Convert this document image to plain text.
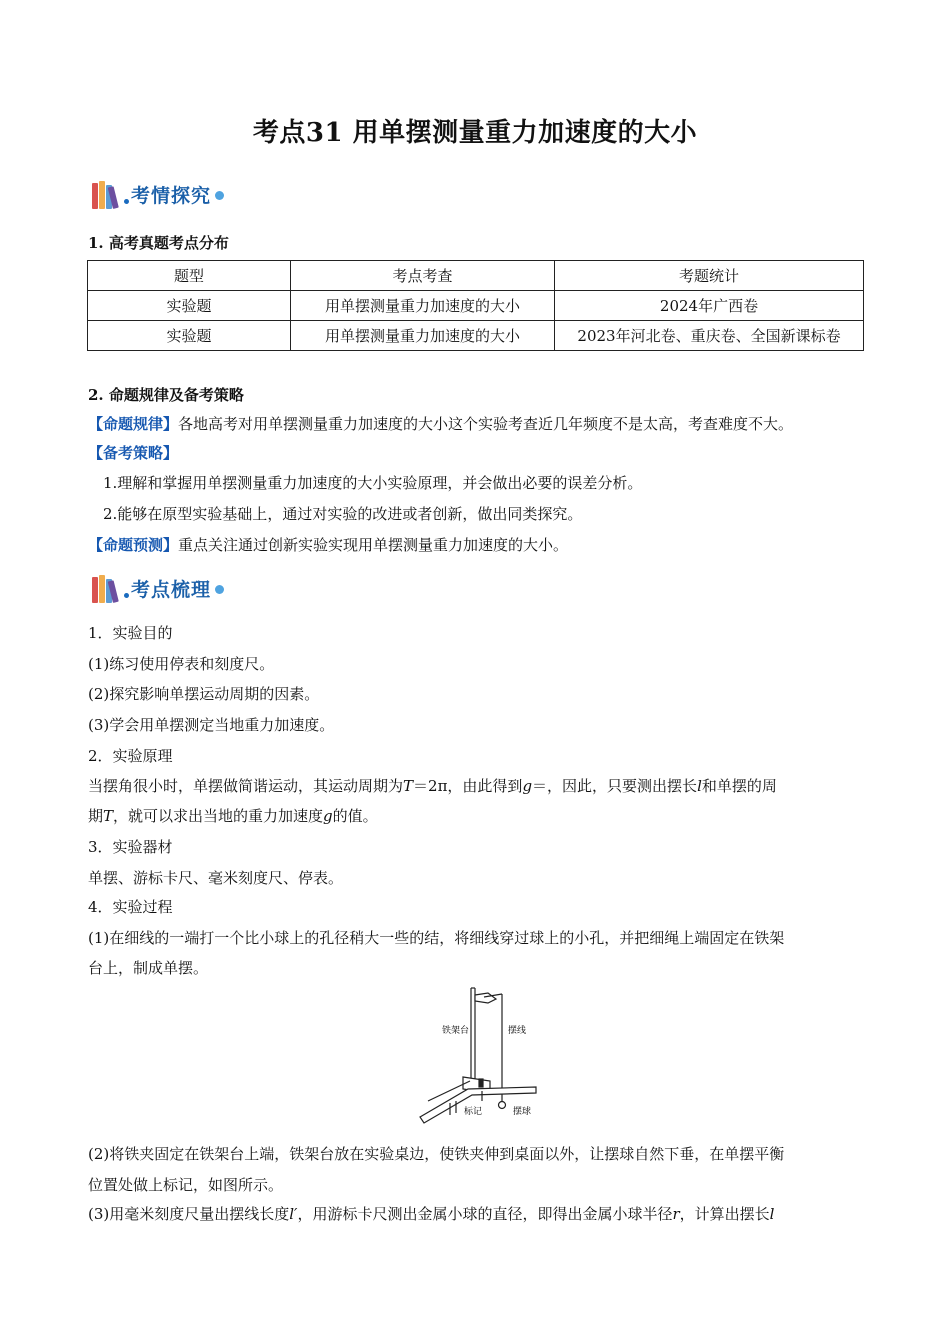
考点31 用单摆测量重力加速度的大小
考情探究
1. 高考真题考点分布
题型	考点考查	考题统计
实验题	用单摆测量重力加速度的大小	2024年广西卷
实验题	用单摆测量重力加速度的大小	2023年河北卷、重庆卷、全国新课标卷
2. 命题规律及备考策略
【命题规律】各地高考对用单摆测量重力加速度的大小这个实验考查近几年频度不是太高，考查难度不大。
【备考策略】
1.理解和掌握用单摆测量重力加速度的大小实验原理，并会做出必要的误差分析。
2.能够在原型实验基础上，通过对实验的改进或者创新，做出同类探究。
【命题预测】重点关注通过创新实验实现用单摆测量重力加速度的大小。
考点梳理
1．实验目的
(1)练习使用停表和刻度尺。
(2)探究影响单摆运动周期的因素。
(3)学会用单摆测定当地重力加速度。
2．实验原理
当摆角很小时，单摆做简谐运动，其运动周期为T＝2π，由此得到g＝，因此，只要测出摆长l和单摆的周
期T，就可以求出当地的重力加速度g的值。
3．实验器材
单摆、游标卡尺、毫米刻度尺、停表。
4．实验过程
(1)在细线的一端打一个比小球上的孔径稍大一些的结，将细线穿过球上的小孔，并把细绳上端固定在铁架
台上，制成单摆。
铁架台	摆线
标记	摆球
(2)将铁夹固定在铁架台上端，铁架台放在实验桌边，使铁夹伸到桌面以外，让摆球自然下垂，在单摆平衡
位置处做上标记，如图所示。
(3)用毫米刻度尺量出摆线长度l′，用游标卡尺测出金属小球的直径，即得出金属小球半径r，计算出摆长l
